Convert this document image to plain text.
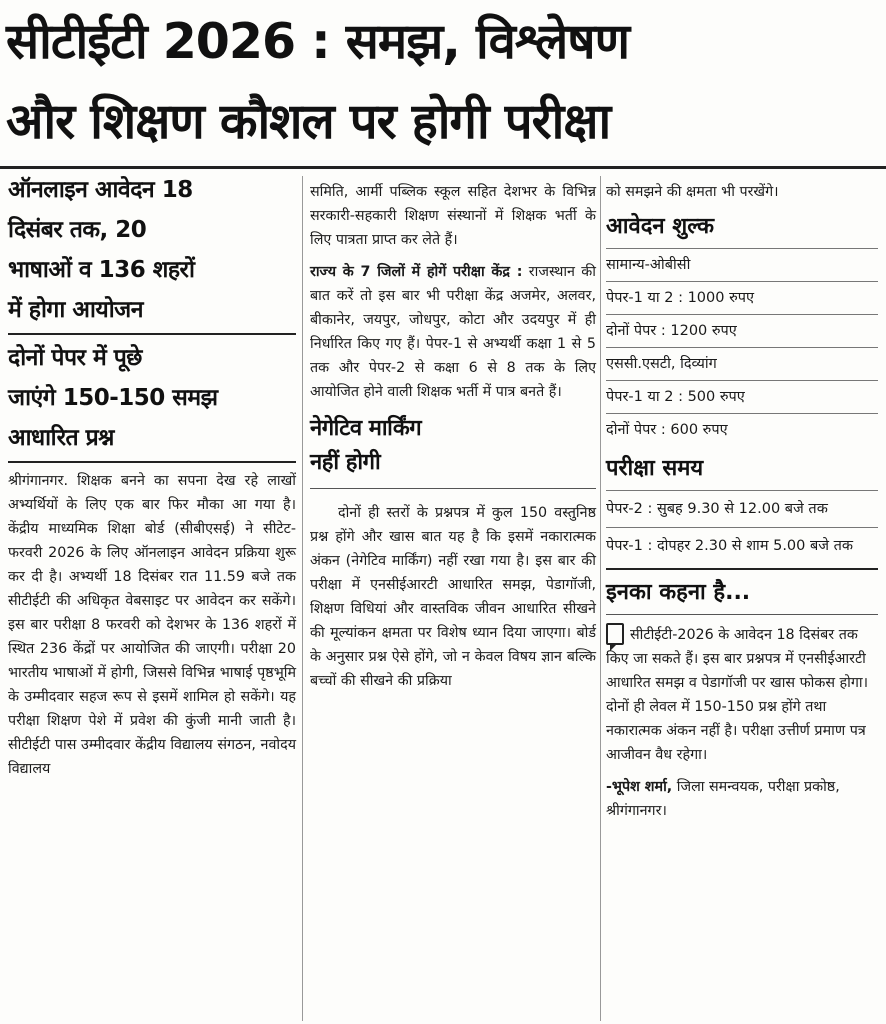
सीटीईटी 2026 : समझ, विश्लेषण
और शिक्षण कौशल पर होगी परीक्षा
ऑनलाइन आवेदन 18
दिसंबर तक, 20
भाषाओं व 136 शहरों
में होगा आयोजन
दोनों पेपर में पूछे
जाएंगे 150-150 समझ
आधारित प्रश्न

श्रीगंगानगर. शिक्षक बनने का सपना देख रहे लाखों अभ्यर्थियों के लिए एक बार फिर मौका आ गया है। केंद्रीय माध्यमिक शिक्षा बोर्ड (सीबीएसई) ने सीटेट-फरवरी 2026 के लिए ऑनलाइन आवेदन प्रक्रिया शुरू कर दी है। अभ्यर्थी 18 दिसंबर रात 11.59 बजे तक सीटीईटी की अधिकृत वेबसाइट पर आवेदन कर सकेंगे। इस बार परीक्षा 8 फरवरी को देशभर के 136 शहरों में स्थित 236 केंद्रों पर आयोजित की जाएगी। परीक्षा 20 भारतीय भाषाओं में होगी, जिससे विभिन्न भाषाई पृष्ठभूमि के उम्मीदवार सहज रूप से इसमें शामिल हो सकेंगे। यह परीक्षा शिक्षण पेशे में प्रवेश की कुंजी मानी जाती है। सीटीईटी पास उम्मीदवार केंद्रीय विद्यालय संगठन, नवोदय विद्यालय

समिति, आर्मी पब्लिक स्कूल सहित देशभर के विभिन्न सरकारी-सहकारी शिक्षण संस्थानों में शिक्षक भर्ती के लिए पात्रता प्राप्त कर लेते हैं।

राज्य के 7 जिलों में होगें परीक्षा केंद्र : राजस्थान की बात करें तो इस बार भी परीक्षा केंद्र अजमेर, अलवर, बीकानेर, जयपुर, जोधपुर, कोटा और उदयपुर में ही निर्धारित किए गए हैं। पेपर-1 से अभ्यर्थी कक्षा 1 से 5 तक और पेपर-2 से कक्षा 6 से 8 तक के लिए आयोजित होने वाली शिक्षक भर्ती में पात्र बनते हैं।

नेगेटिव मार्किंग
नहीं होगी

दोनों ही स्तरों के प्रश्नपत्र में कुल 150 वस्तुनिष्ठ प्रश्न होंगे और खास बात यह है कि इसमें नकारात्मक अंकन (नेगेटिव मार्किंग) नहीं रखा गया है। इस बार की परीक्षा में एनसीईआरटी आधारित समझ, पेडागॉजी, शिक्षण विधियां और वास्तविक जीवन आधारित सीखने की मूल्यांकन क्षमता पर विशेष ध्यान दिया जाएगा। बोर्ड के अनुसार प्रश्न ऐसे होंगे, जो न केवल विषय ज्ञान बल्कि बच्चों की सीखने की प्रक्रिया

को समझने की क्षमता भी परखेंगे।

आवेदन शुल्क
सामान्य-ओबीसी
पेपर-1 या 2 : 1000 रुपए
दोनों पेपर : 1200 रुपए
एससी.एसटी, दिव्यांग
पेपर-1 या 2 : 500 रुपए
दोनों पेपर : 600 रुपए
परीक्षा समय

पेपर-2 : सुबह 9.30 से 12.00 बजे तक

पेपर-1 : दोपहर 2.30 से शाम 5.00 बजे तक

इनका कहना है...

सीटीईटी-2026 के आवेदन 18 दिसंबर तक किए जा सकते हैं। इस बार प्रश्नपत्र में एनसीईआरटी आधारित समझ व पेडागॉजी पर खास फोकस होगा। दोनों ही लेवल में 150-150 प्रश्न होंगे तथा नकारात्मक अंकन नहीं है। परीक्षा उत्तीर्ण प्रमाण पत्र आजीवन वैध रहेगा।

-भूपेश शर्मा, जिला समन्वयक, परीक्षा प्रकोष्ठ, श्रीगंगानगर।
